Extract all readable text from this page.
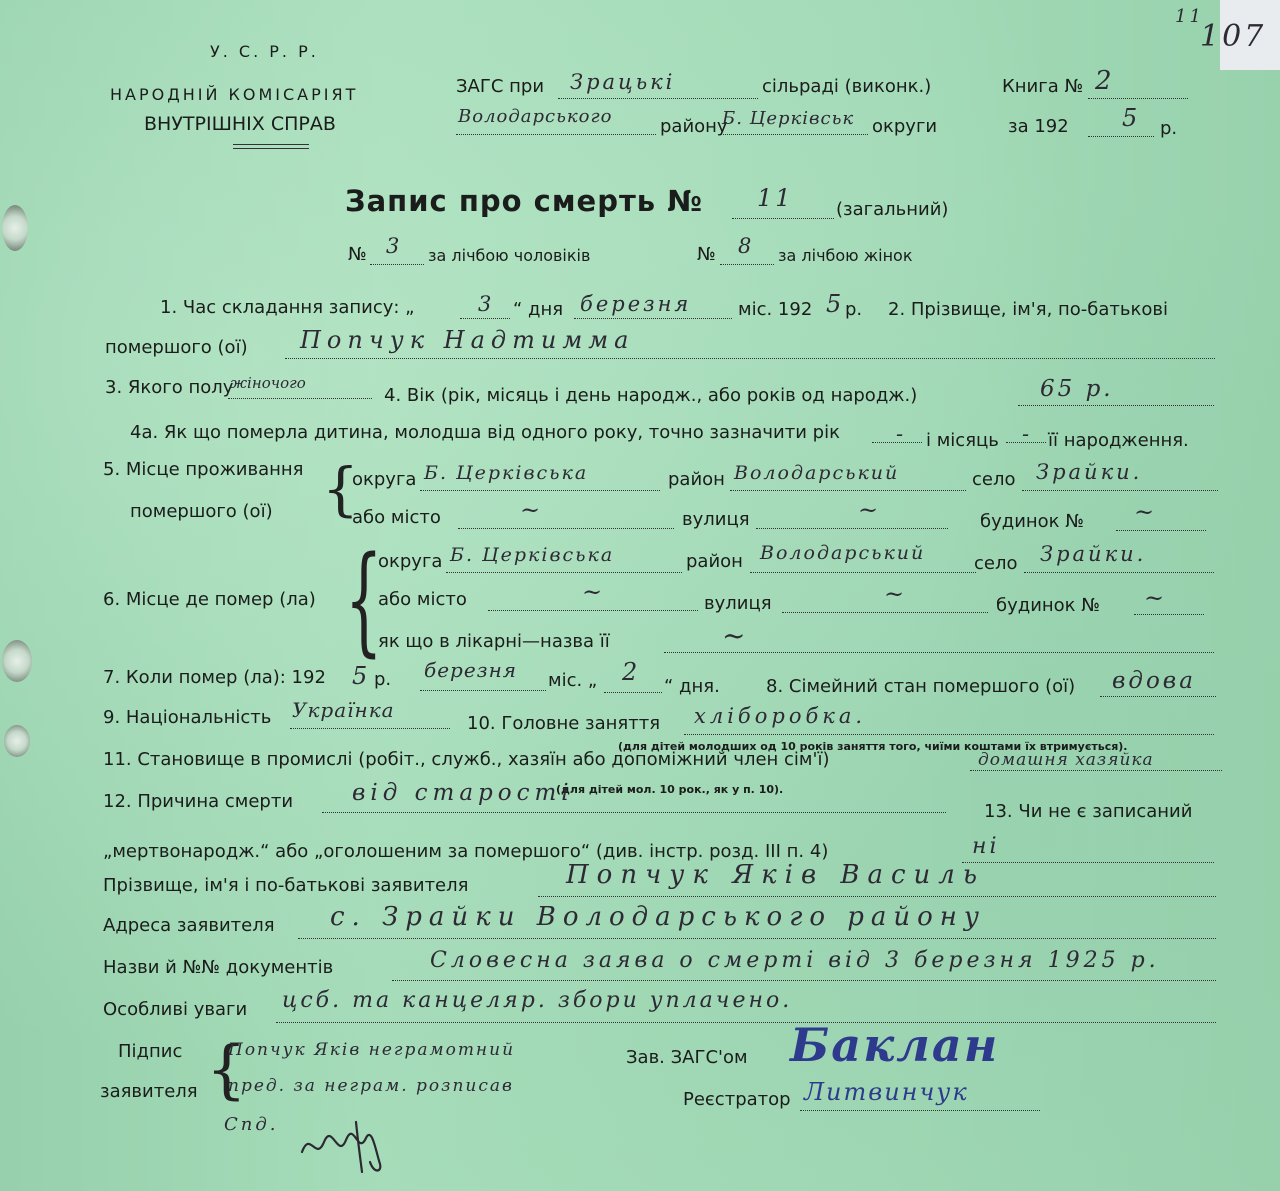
У. С. Р. Р.
НАРОДНІЙ КОМІСАРІЯТ
ВНУТРІШНІХ СПРАВ
11
107
ЗАГС при Зрацькі	сільраді (виконк.)	Книга № 2
Володарського	району
Б. Церківськ округи	за 192 5 р.
Запис про смерть № 11 (загальний)
№ 3 за лічбою чоловіків	№ 8 за лічбою жінок
1. Час складання запису: „	3 “ дня березня	міс. 192 5 р. 2. Прізвище, ім'я, по-батькові
помершого (ої) Попчук Надтимма
3. Якого полу
жіночого
4. Вік (рік, місяць і день народж., або років од народж.)	65 р.
4а. Як що померла дитина, молодша від одного року, точно зазначити рік	- і місяць - її народження.
5. Місце проживання
помершого (ої) {
округа Б. Церківська	район Володарський	село Зрайки.
або місто	~	вулиця	~	будинок № ~
6. Місце де помер (ла) {
округа Б. Церківська	район Володарський	село Зрайки.
або місто	~	вулиця	~	будинок № ~
як що в лікарні—назва її	~
7. Коли помер (ла): 192 5 р. березня міс. „ 2
“ дня.	8. Сімейний стан помершого (ої) вдова
9. Національність Українка
10. Головне заняття хліборобка.
(для дітей молодших од 10 років заняття того, чиїми коштами їх втримується).
11. Становище в промислі (робіт., служб., хазяїн або допоміжний член сім'ї)	домашня хазяйка
(для дітей мол. 10 рок., як у п. 10).
12. Причина смерти	від старості
13. Чи не є записаний
„мертвонародж.“ або „оголошеним за помершого“ (див. інстр. розд. III п. 4)	ні
Прізвище, ім'я і по-батькові заявителя	Попчук Яків Василь
Адреса заявителя с. Зрайки Володарського району
Назви й №№ документів	Словесна заява о смерті від 3 березня 1925 р.
Особливі уваги цсб. та канцеляр. збори уплачено.
Підпис
заявителя {
Попчук Яків неграмотний
пред. за неграм. розписав
Спд.
Зав. ЗАГС'ом Баклан
Реєстратор Литвинчук
